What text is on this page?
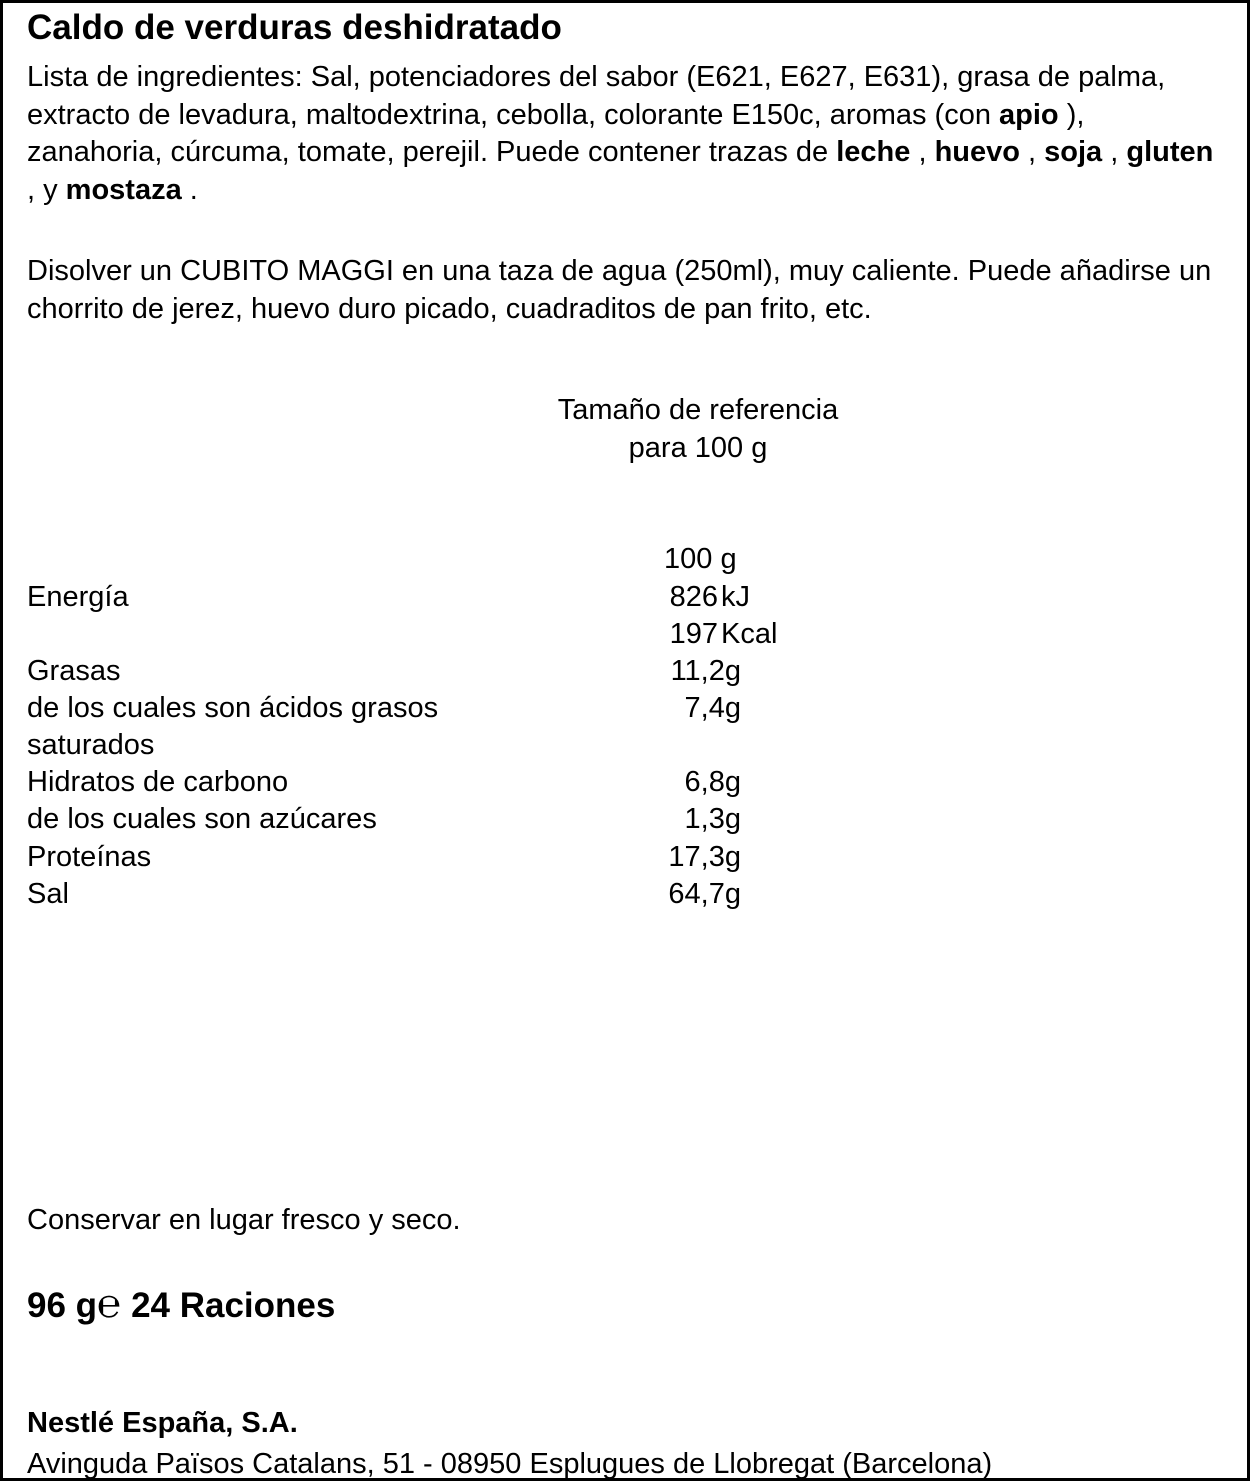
Caldo de verduras deshidratado
Lista de ingredientes: Sal, potenciadores del sabor (E621, E627, E631), grasa de palma, extracto de levadura, maltodextrina, cebolla, colorante E150c, aromas (con apio ), zanahoria, cúrcuma, tomate, perejil. Puede contener trazas de leche , huevo , soja , gluten , y mostaza .
Disolver un CUBITO MAGGI en una taza de agua (250ml), muy caliente. Puede añadirse un chorrito de jerez, huevo duro picado, cuadraditos de pan frito, etc.
Tamaño de referencia
para 100 g
100 g
Energía	826 kJ
197 Kcal
Grasas	11,2g
de los cuales son ácidos grasos	7,4g
saturados
Hidratos de carbono	6,8g
de los cuales son azúcares	1,3g
Proteínas	17,3g
Sal	64,7g
Conservar en lugar fresco y seco.
96 g℮ 24 Raciones
Nestlé España, S.A.
Avinguda Països Catalans, 51 - 08950 Esplugues de Llobregat (Barcelona)
